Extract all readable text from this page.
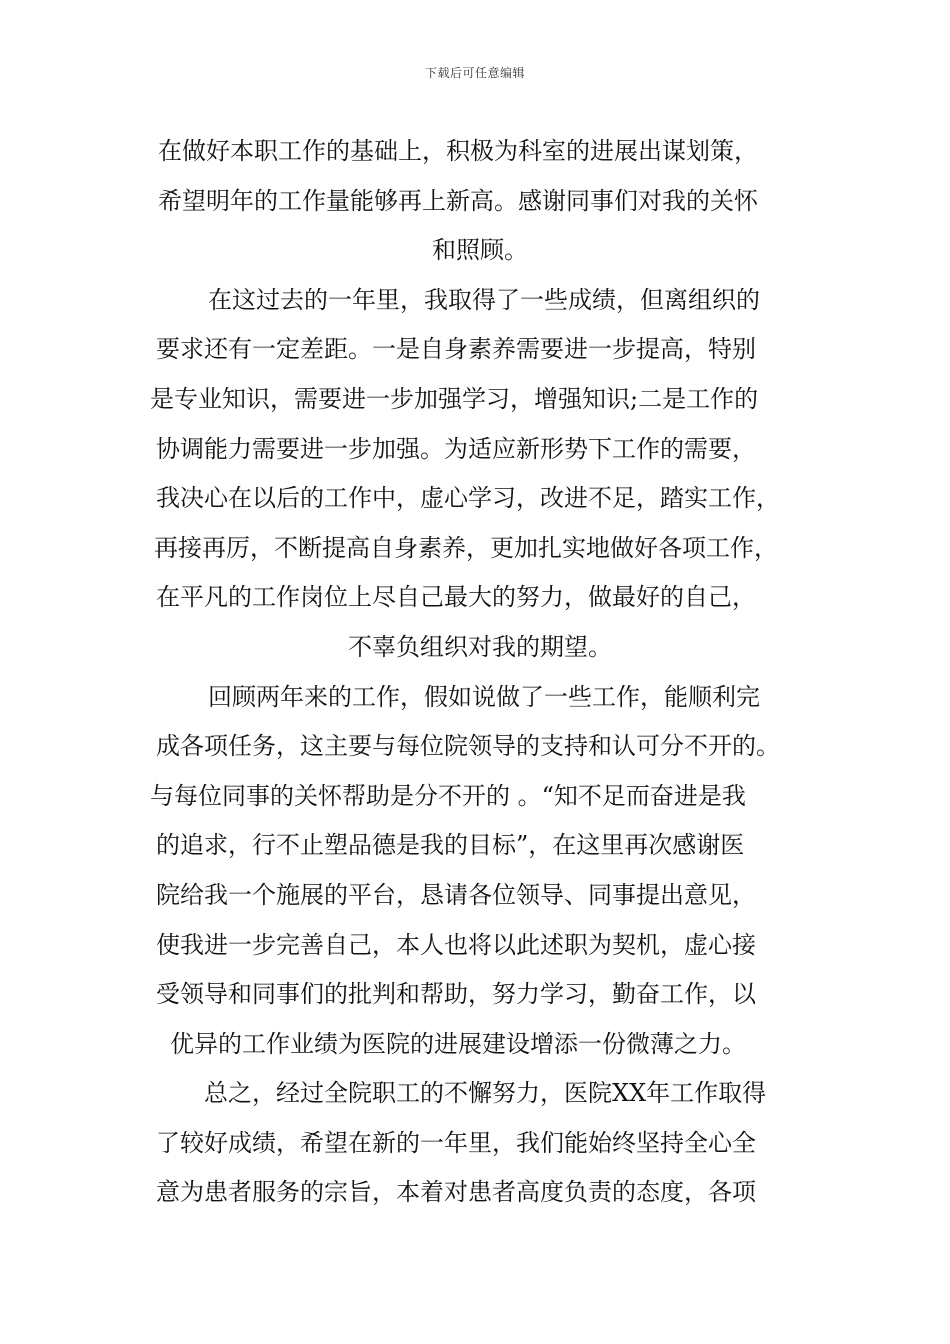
下载后可任意编辑
在做好本职工作的基础上，积极为科室的进展出谋划策，
希望明年的工作量能够再上新高。感谢同事们对我的关怀
和照顾。
在这过去的一年里，我取得了一些成绩，但离组织的
要求还有一定差距。一是自身素养需要进一步提高，特别
是专业知识，需要进一步加强学习，增强知识;二是工作的
协调能力需要进一步加强。为适应新形势下工作的需要，
我决心在以后的工作中，虚心学习，改进不足，踏实工作，
再接再厉，不断提高自身素养，更加扎实地做好各项工作，
在平凡的工作岗位上尽自己最大的努力，做最好的自己，
不辜负组织对我的期望。
回顾两年来的工作，假如说做了一些工作，能顺利完
成各项任务，这主要与每位院领导的支持和认可分不开的。
与每位同事的关怀帮助是分不开的 。“知不足而奋进是我
的追求，行不止塑品德是我的目标”，在这里再次感谢医
院给我一个施展的平台，恳请各位领导、同事提出意见，
使我进一步完善自己，本人也将以此述职为契机，虚心接
受领导和同事们的批判和帮助，努力学习，勤奋工作，以
优异的工作业绩为医院的进展建设增添一份微薄之力。
总之，经过全院职工的不懈努力，医院XX年工作取得
了较好成绩，希望在新的一年里，我们能始终坚持全心全
意为患者服务的宗旨，本着对患者高度负责的态度，各项
